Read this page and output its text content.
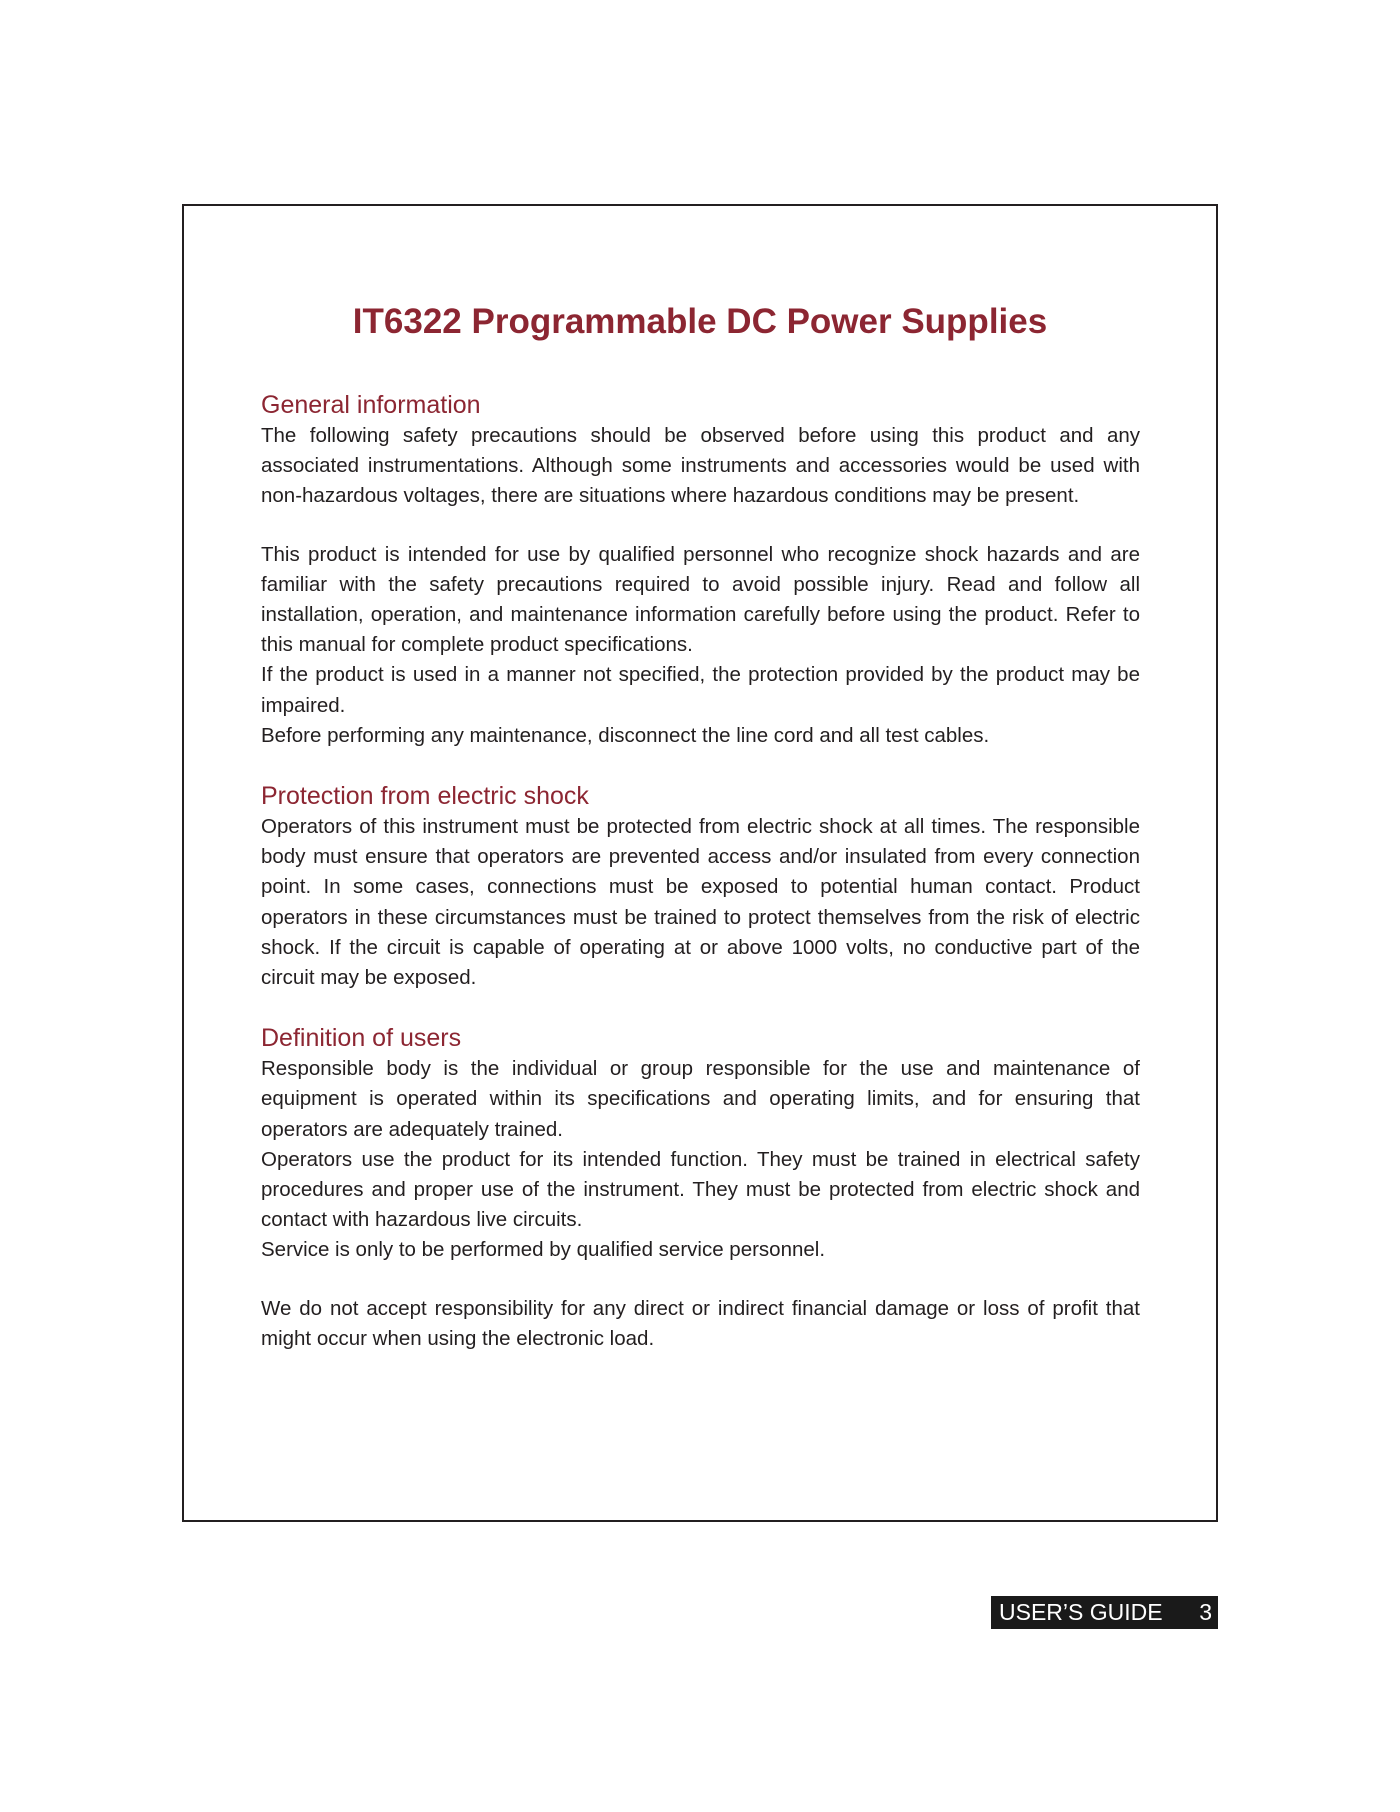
IT6322 Programmable DC Power Supplies
General information

The following safety precautions should be observed before using this product and any associated instrumentations. Although some instruments and accessories would be used with non-hazardous voltages, there are situations where hazardous conditions may be present.

This product is intended for use by qualified personnel who recognize shock hazards and are familiar with the safety precautions required to avoid possible injury. Read and follow all installation, operation, and maintenance information carefully before using the product. Refer to this manual for complete product specifications.

If the product is used in a manner not specified, the protection provided by the product may be impaired.

Before performing any maintenance, disconnect the line cord and all test cables.

Protection from electric shock

Operators of this instrument must be protected from electric shock at all times. The responsible body must ensure that operators are prevented access and/or insulated from every connection point. In some cases, connections must be exposed to potential human contact. Product operators in these circumstances must be trained to protect themselves from the risk of electric shock. If the circuit is capable of operating at or above 1000 volts, no conductive part of the circuit may be exposed.

Definition of users

Responsible body is the individual or group responsible for the use and maintenance of equipment is operated within its specifications and operating limits, and for ensuring that operators are adequately trained.

Operators use the product for its intended function. They must be trained in electrical safety procedures and proper use of the instrument. They must be protected from electric shock and contact with hazardous live circuits.

Service is only to be performed by qualified service personnel.

We do not accept responsibility for any direct or indirect financial damage or loss of profit that might occur when using the electronic load.

USER’S GUIDE 3
